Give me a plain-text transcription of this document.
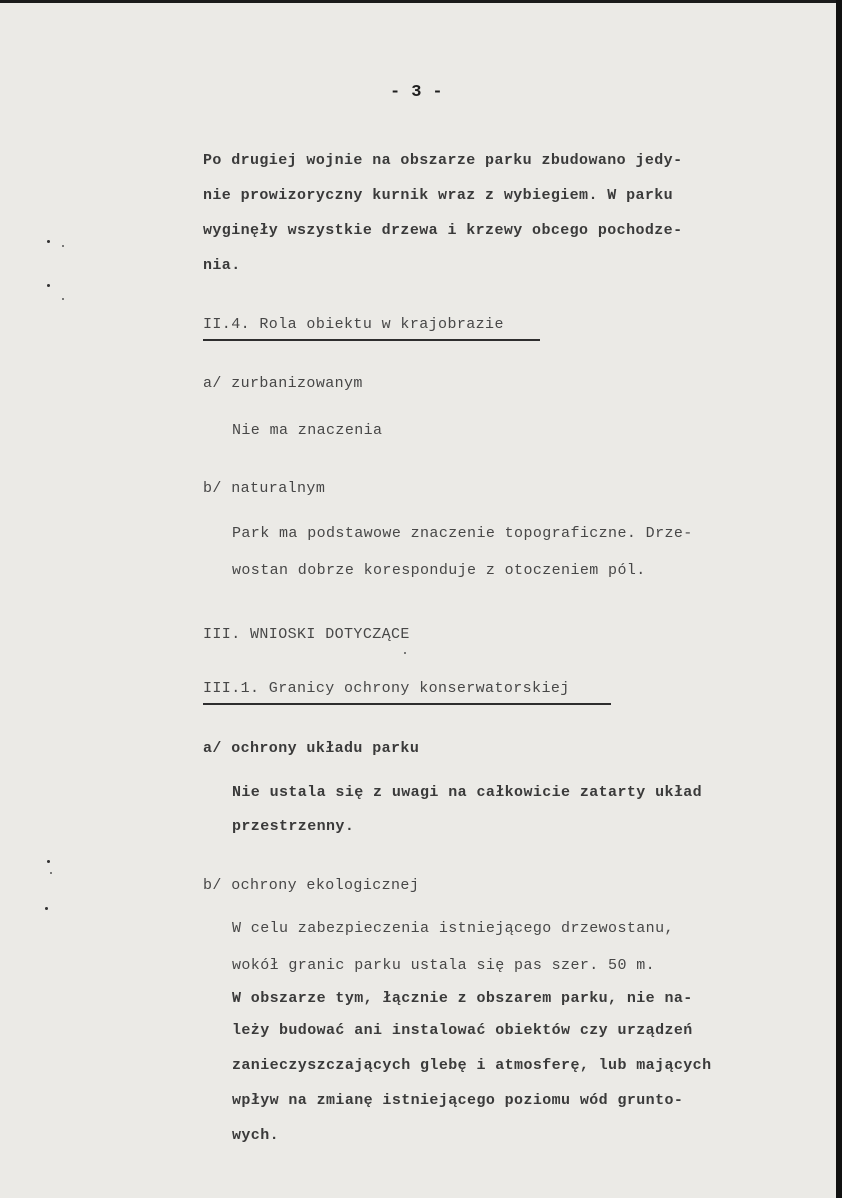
- 3 -
Po drugiej wojnie na obszarze parku zbudowano jedy-
nie prowizoryczny kurnik wraz z wybiegiem. W parku
wyginęły wszystkie drzewa i krzewy obcego pochodze-
nia.
II.4. Rola obiektu w krajobrazie
a/ zurbanizowanym
Nie ma znaczenia
b/ naturalnym
Park ma podstawowe znaczenie topograficzne. Drze-
wostan dobrze koresponduje z otoczeniem pól.
III. WNIOSKI DOTYCZĄCE
III.1. Granicy ochrony konserwatorskiej
a/ ochrony układu parku
Nie ustala się z uwagi na całkowicie zatarty układ
przestrzenny.
b/ ochrony ekologicznej
W celu zabezpieczenia istniejącego drzewostanu,
wokół granic parku ustala się pas szer. 50 m.
W obszarze tym, łącznie z obszarem parku, nie na-
leży budować ani instalować obiektów czy urządzeń
zanieczyszczających glebę i atmosferę, lub mających
wpływ na zmianę istniejącego poziomu wód grunto-
wych.
